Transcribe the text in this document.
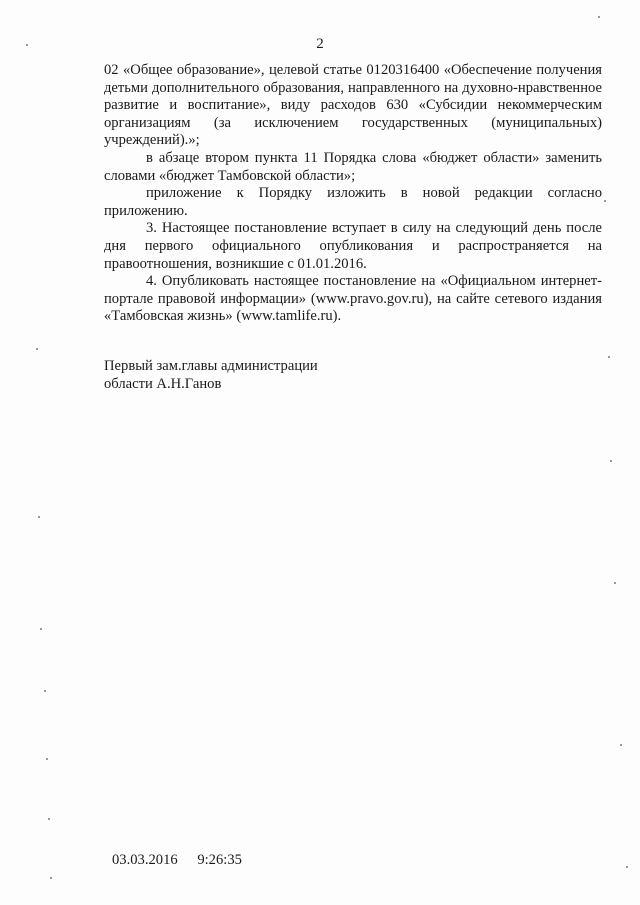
2

02 «Общее образование», целевой статье 0120316400 «Обеспечение получения детьми дополнительного образования, направленного на духовно-нравственное развитие и воспитание», виду расходов 630 «Субсидии некоммерческим организациям (за исключением государственных (муниципальных) учреждений).»;

в абзаце втором пункта 11 Порядка слова «бюджет области» заменить словами «бюджет Тамбовской области»;

приложение к Порядку изложить в новой редакции согласно приложению.

3. Настоящее постановление вступает в силу на следующий день после дня первого официального опубликования и распространяется на правоотношения, возникшие с 01.01.2016.

4. Опубликовать настоящее постановление на «Официальном интернет-портале правовой информации» (www.pravo.gov.ru), на сайте сетевого издания «Тамбовская жизнь» (www.tamlife.ru).

Первый зам.главы администрации
области А.Н.Ганов
03.03.2016 9:26:35
